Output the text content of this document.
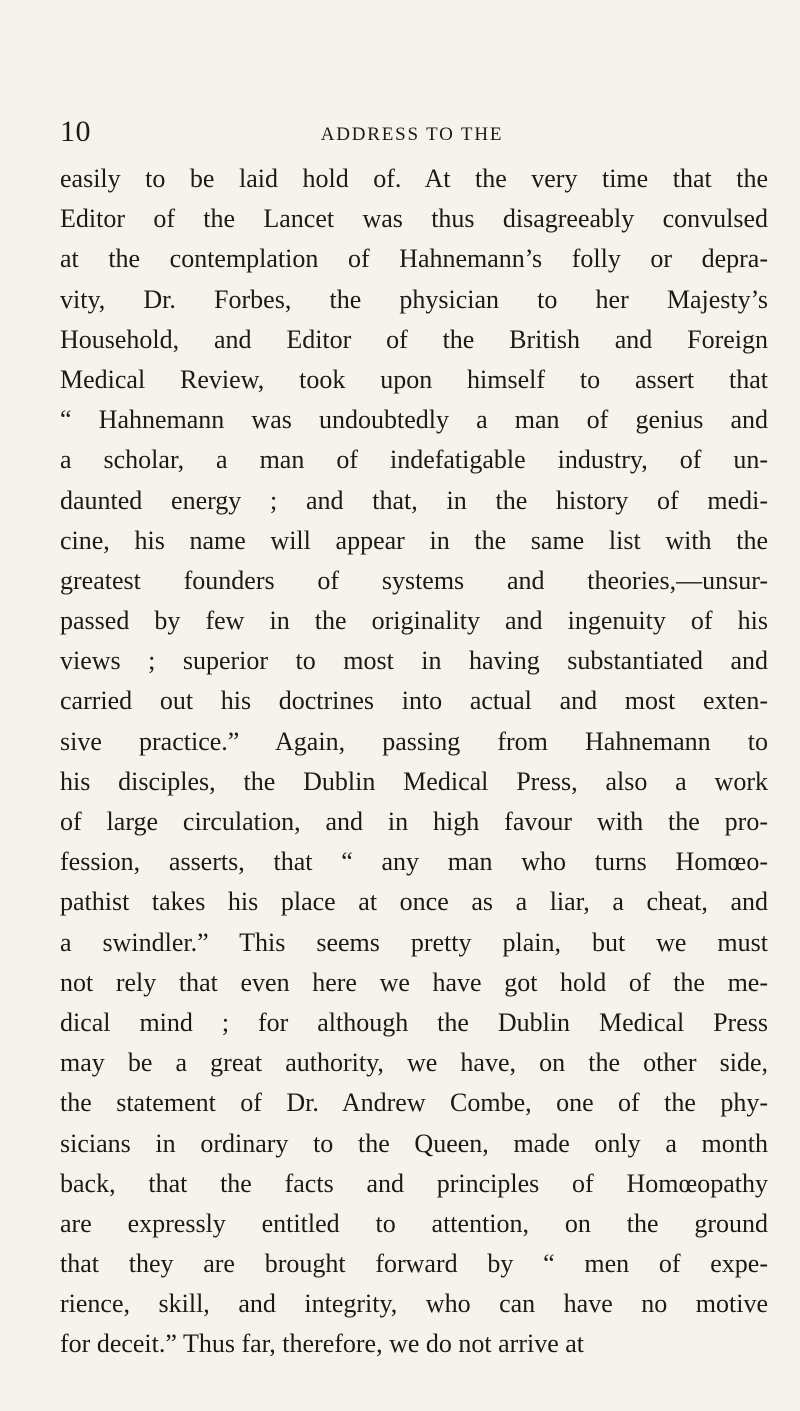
10	ADDRESS TO THE
easily to be laid hold of. At the very time that the
Editor of the Lancet was thus disagreeably convulsed
at the contemplation of Hahnemann’s folly or depra-
vity, Dr. Forbes, the physician to her Majesty’s
Household, and Editor of the British and Foreign
Medical Review, took upon himself to assert that
“ Hahnemann was undoubtedly a man of genius and
a scholar, a man of indefatigable industry, of un-
daunted energy ; and that, in the history of medi-
cine, his name will appear in the same list with the
greatest founders of systems and theories,—unsur-
passed by few in the originality and ingenuity of his
views ; superior to most in having substantiated and
carried out his doctrines into actual and most exten-
sive practice.” Again, passing from Hahnemann to
his disciples, the Dublin Medical Press, also a work
of large circulation, and in high favour with the pro-
fession, asserts, that “ any man who turns Homœo-
pathist takes his place at once as a liar, a cheat, and
a swindler.” This seems pretty plain, but we must
not rely that even here we have got hold of the me-
dical mind ; for although the Dublin Medical Press
may be a great authority, we have, on the other side,
the statement of Dr. Andrew Combe, one of the phy-
sicians in ordinary to the Queen, made only a month
back, that the facts and principles of Homœopathy
are expressly entitled to attention, on the ground
that they are brought forward by “ men of expe-
rience, skill, and integrity, who can have no motive
for deceit.” Thus far, therefore, we do not arrive at
